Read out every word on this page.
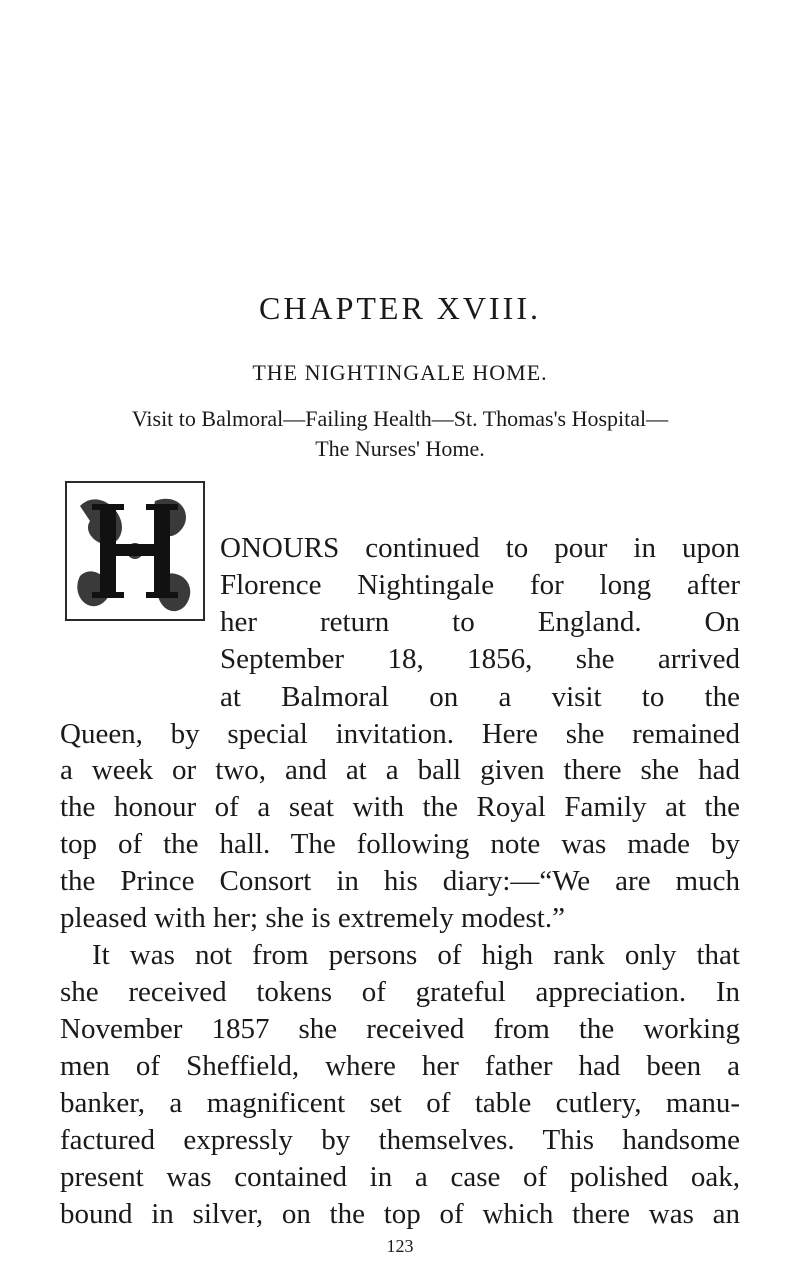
CHAPTER XVIII.
THE NIGHTINGALE HOME.
Visit to Balmoral—Failing Health—St. Thomas's Hospital—
The Nurses' Home.
ONOURS continued to pour in upon
Florence Nightingale for long after
her return to England. On
September 18, 1856, she arrived
at Balmoral on a visit to the
Queen, by special invitation. Here she remained
a week or two, and at a ball given there she had
the honour of a seat with the Royal Family at the
top of the hall. The following note was made by
the Prince Consort in his diary:—“We are much
pleased with her; she is extremely modest.”
It was not from persons of high rank only that
she received tokens of grateful appreciation. In
November 1857 she received from the working
men of Sheffield, where her father had been a
banker, a magnificent set of table cutlery, manu-
factured expressly by themselves. This handsome
present was contained in a case of polished oak,
bound in silver, on the top of which there was an
123
